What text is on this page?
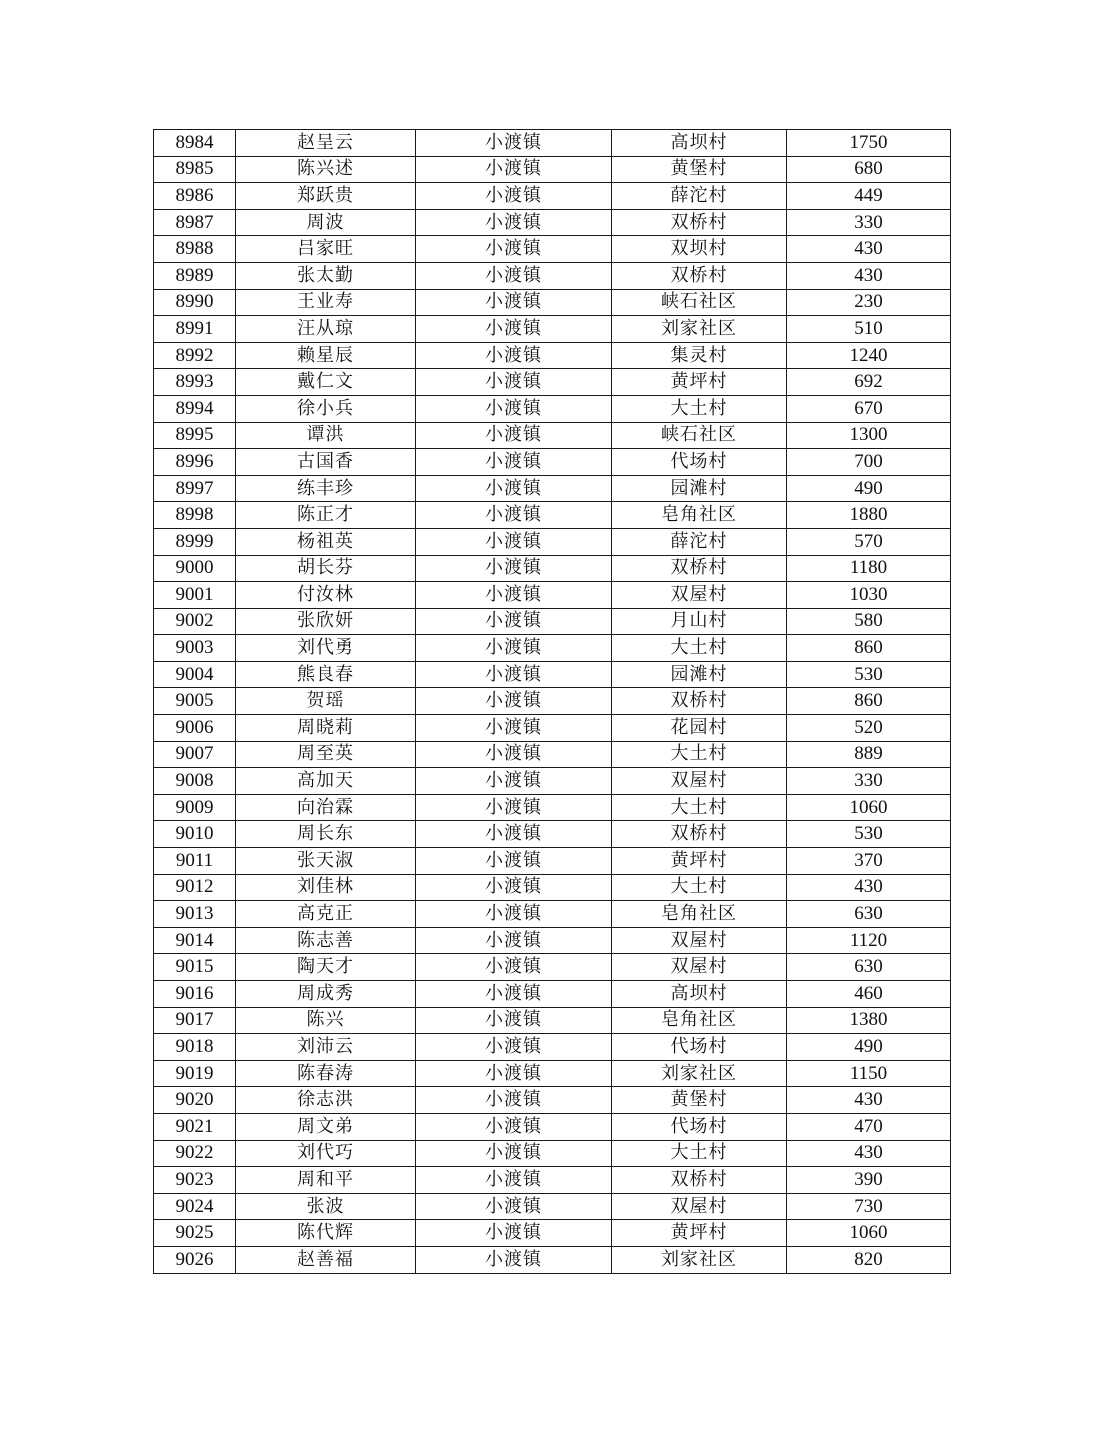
8984	赵呈云	小渡镇	高坝村	1750
8985	陈兴述	小渡镇	黄堡村	680
8986	郑跃贵	小渡镇	薛沱村	449
8987	周波	小渡镇	双桥村	330
8988	吕家旺	小渡镇	双坝村	430
8989	张太勤	小渡镇	双桥村	430
8990	王业寿	小渡镇	峡石社区	230
8991	汪从琼	小渡镇	刘家社区	510
8992	赖星辰	小渡镇	集灵村	1240
8993	戴仁文	小渡镇	黄坪村	692
8994	徐小兵	小渡镇	大土村	670
8995	谭洪	小渡镇	峡石社区	1300
8996	古国香	小渡镇	代场村	700
8997	练丰珍	小渡镇	园滩村	490
8998	陈正才	小渡镇	皂角社区	1880
8999	杨祖英	小渡镇	薛沱村	570
9000	胡长芬	小渡镇	双桥村	1180
9001	付汝林	小渡镇	双屋村	1030
9002	张欣妍	小渡镇	月山村	580
9003	刘代勇	小渡镇	大土村	860
9004	熊良春	小渡镇	园滩村	530
9005	贺瑶	小渡镇	双桥村	860
9006	周晓莉	小渡镇	花园村	520
9007	周至英	小渡镇	大土村	889
9008	高加天	小渡镇	双屋村	330
9009	向治霖	小渡镇	大土村	1060
9010	周长东	小渡镇	双桥村	530
9011	张天淑	小渡镇	黄坪村	370
9012	刘佳林	小渡镇	大土村	430
9013	高克正	小渡镇	皂角社区	630
9014	陈志善	小渡镇	双屋村	1120
9015	陶天才	小渡镇	双屋村	630
9016	周成秀	小渡镇	高坝村	460
9017	陈兴	小渡镇	皂角社区	1380
9018	刘沛云	小渡镇	代场村	490
9019	陈春涛	小渡镇	刘家社区	1150
9020	徐志洪	小渡镇	黄堡村	430
9021	周文弟	小渡镇	代场村	470
9022	刘代巧	小渡镇	大土村	430
9023	周和平	小渡镇	双桥村	390
9024	张波	小渡镇	双屋村	730
9025	陈代辉	小渡镇	黄坪村	1060
9026	赵善福	小渡镇	刘家社区	820
